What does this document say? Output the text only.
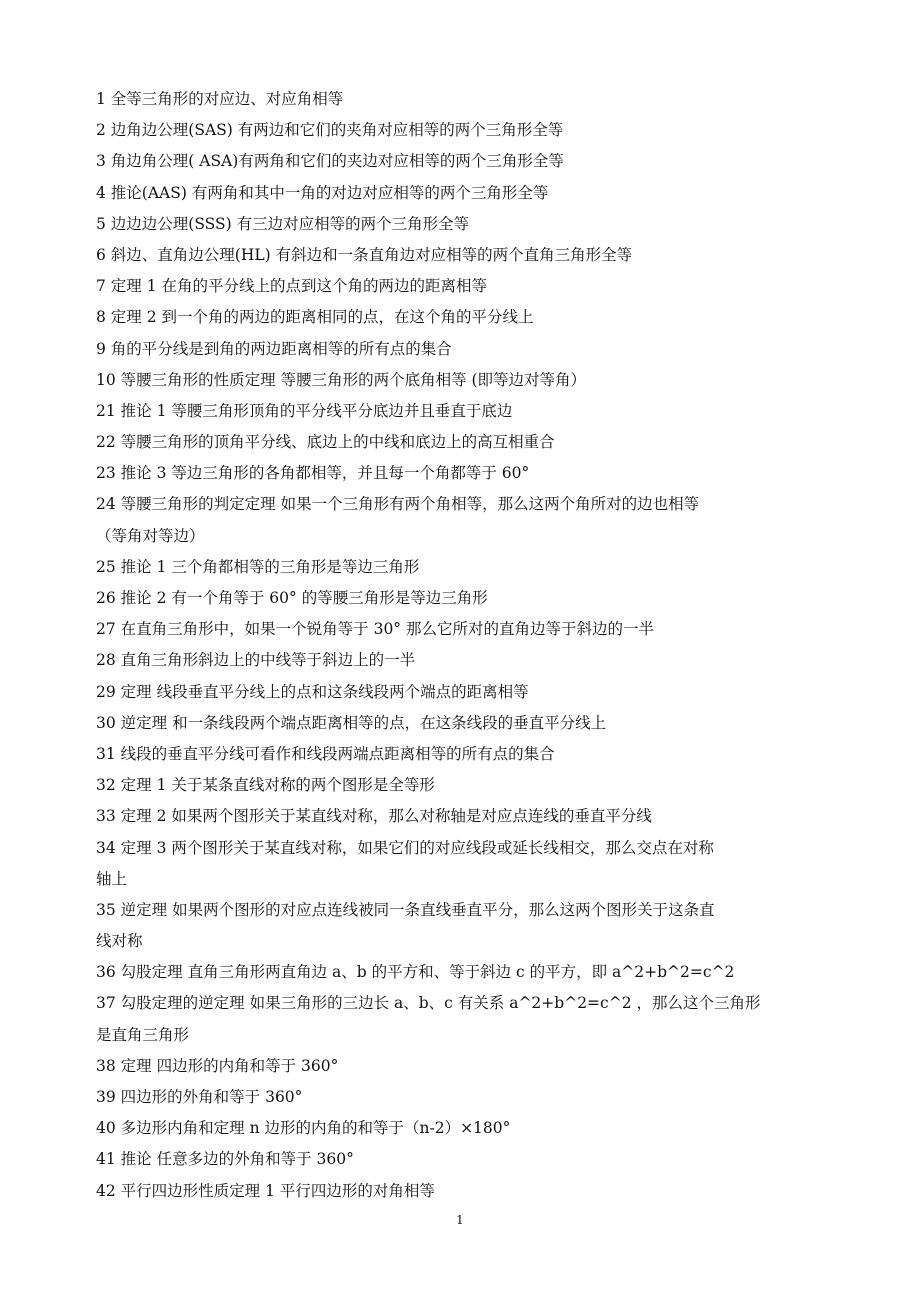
1 全等三角形的对应边、对应角相等
2 边角边公理(SAS) 有两边和它们的夹角对应相等的两个三角形全等
3 角边角公理( ASA)有两角和它们的夹边对应相等的两个三角形全等
4 推论(AAS) 有两角和其中一角的对边对应相等的两个三角形全等
5 边边边公理(SSS) 有三边对应相等的两个三角形全等
6 斜边、直角边公理(HL) 有斜边和一条直角边对应相等的两个直角三角形全等
7 定理 1 在角的平分线上的点到这个角的两边的距离相等
8 定理 2 到一个角的两边的距离相同的点，在这个角的平分线上
9 角的平分线是到角的两边距离相等的所有点的集合
10 等腰三角形的性质定理 等腰三角形的两个底角相等 (即等边对等角）
21 推论 1 等腰三角形顶角的平分线平分底边并且垂直于底边
22 等腰三角形的顶角平分线、底边上的中线和底边上的高互相重合
23 推论 3 等边三角形的各角都相等，并且每一个角都等于 60°
24 等腰三角形的判定定理 如果一个三角形有两个角相等，那么这两个角所对的边也相等
（等角对等边）
25 推论 1 三个角都相等的三角形是等边三角形
26 推论 2 有一个角等于 60° 的等腰三角形是等边三角形
27 在直角三角形中，如果一个锐角等于 30° 那么它所对的直角边等于斜边的一半
28 直角三角形斜边上的中线等于斜边上的一半
29 定理 线段垂直平分线上的点和这条线段两个端点的距离相等
30 逆定理 和一条线段两个端点距离相等的点，在这条线段的垂直平分线上
31 线段的垂直平分线可看作和线段两端点距离相等的所有点的集合
32 定理 1 关于某条直线对称的两个图形是全等形
33 定理 2 如果两个图形关于某直线对称，那么对称轴是对应点连线的垂直平分线
34 定理 3 两个图形关于某直线对称，如果它们的对应线段或延长线相交，那么交点在对称
轴上
35 逆定理 如果两个图形的对应点连线被同一条直线垂直平分，那么这两个图形关于这条直
线对称
36 勾股定理 直角三角形两直角边 a、b 的平方和、等于斜边 c 的平方，即 a^2+b^2=c^2
37 勾股定理的逆定理 如果三角形的三边长 a、b、c 有关系 a^2+b^2=c^2 ，那么这个三角形
是直角三角形
38 定理 四边形的内角和等于 360°
39 四边形的外角和等于 360°
40 多边形内角和定理 n 边形的内角的和等于（n-2）×180°
41 推论 任意多边的外角和等于 360°
42 平行四边形性质定理 1 平行四边形的对角相等
1
